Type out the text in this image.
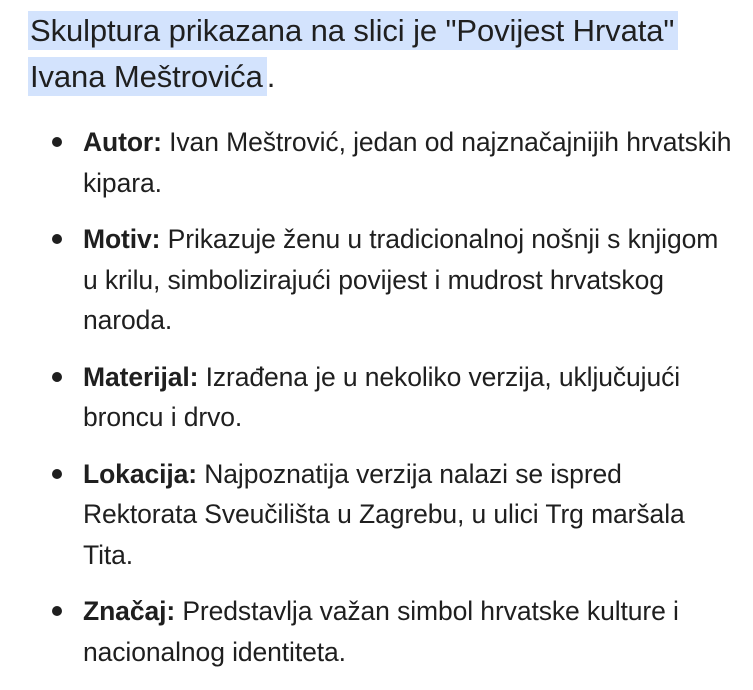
Skulptura prikazana na slici je "Povijest Hrvata" Ivana Meštrovića .

Autor: Ivan Meštrović, jedan od najznačajnijih hrvatskih kipara.
Motiv: Prikazuje ženu u tradicionalnoj nošnji s knjigom u krilu, simbolizirajući povijest i mudrost hrvatskog naroda.
Materijal: Izrađena je u nekoliko verzija, uključujući broncu i drvo.
Lokacija: Najpoznatija verzija nalazi se ispred Rektorata Sveučilišta u Zagrebu, u ulici Trg maršala Tita.
Značaj: Predstavlja važan simbol hrvatske kulture i nacionalnog identiteta.
